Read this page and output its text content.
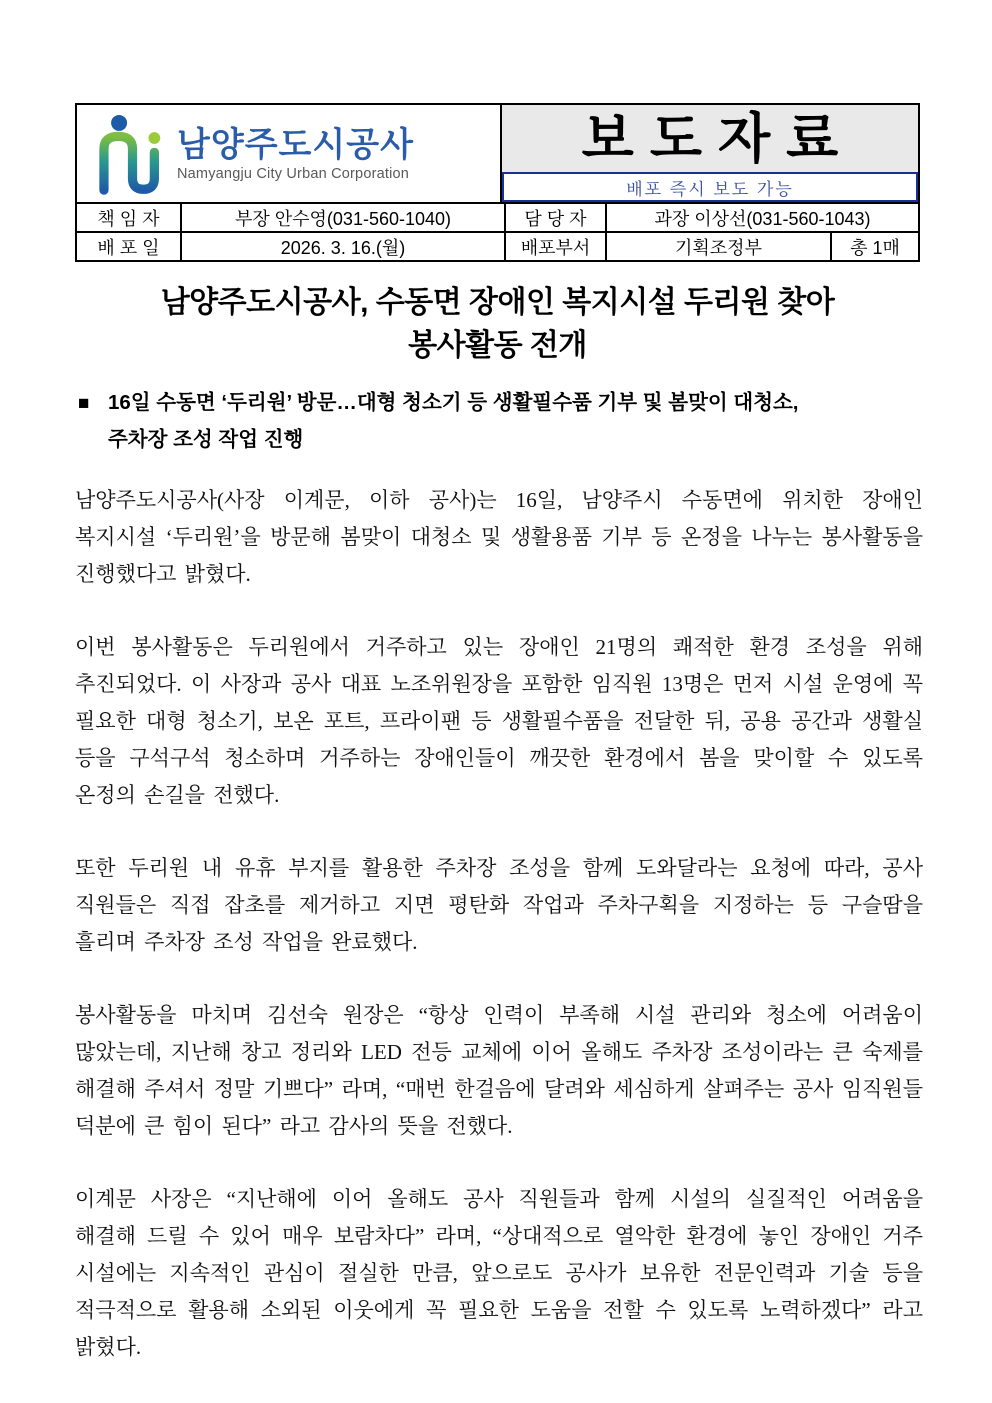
남양주도시공사
Namyangju City Urban Corporation
보도자료
배포 즉시 보도 가능
책 임 자	부장 안수영(031-560-1040)	담 당 자	과장 이상선(031-560-1043)
배 포 일	2026. 3. 16.(월)	배포부서	기획조정부	총 1매
남양주도시공사, 수동면 장애인 복지시설 두리원 찾아
봉사활동 전개
■ 16일 수동면 ‘두리원’ 방문…대형 청소기 등 생활필수품 기부 및 봄맞이 대청소,
주차장 조성 작업 진행

남양주도시공사(사장 이계문, 이하 공사)는 16일, 남양주시 수동면에 위치한 장애인 복지시설 ‘두리원’을 방문해 봄맞이 대청소 및 생활용품 기부 등 온정을 나누는 봉사활동을 진행했다고 밝혔다.

이번 봉사활동은 두리원에서 거주하고 있는 장애인 21명의 쾌적한 환경 조성을 위해 추진되었다. 이 사장과 공사 대표 노조위원장을 포함한 임직원 13명은 먼저 시설 운영에 꼭 필요한 대형 청소기, 보온 포트, 프라이팬 등 생활필수품을 전달한 뒤, 공용 공간과 생활실 등을 구석구석 청소하며 거주하는 장애인들이 깨끗한 환경에서 봄을 맞이할 수 있도록 온정의 손길을 전했다.

또한 두리원 내 유휴 부지를 활용한 주차장 조성을 함께 도와달라는 요청에 따라, 공사 직원들은 직접 잡초를 제거하고 지면 평탄화 작업과 주차구획을 지정하는 등 구슬땀을 흘리며 주차장 조성 작업을 완료했다.

봉사활동을 마치며 김선숙 원장은 “항상 인력이 부족해 시설 관리와 청소에 어려움이 많았는데, 지난해 창고 정리와 LED 전등 교체에 이어 올해도 주차장 조성이라는 큰 숙제를 해결해 주셔서 정말 기쁘다” 라며, “매번 한걸음에 달려와 세심하게 살펴주는 공사 임직원들 덕분에 큰 힘이 된다” 라고 감사의 뜻을 전했다.

이계문 사장은 “지난해에 이어 올해도 공사 직원들과 함께 시설의 실질적인 어려움을 해결해 드릴 수 있어 매우 보람차다” 라며, “상대적으로 열악한 환경에 놓인 장애인 거주 시설에는 지속적인 관심이 절실한 만큼, 앞으로도 공사가 보유한 전문인력과 기술 등을 적극적으로 활용해 소외된 이웃에게 꼭 필요한 도움을 전할 수 있도록 노력하겠다” 라고 밝혔다.
